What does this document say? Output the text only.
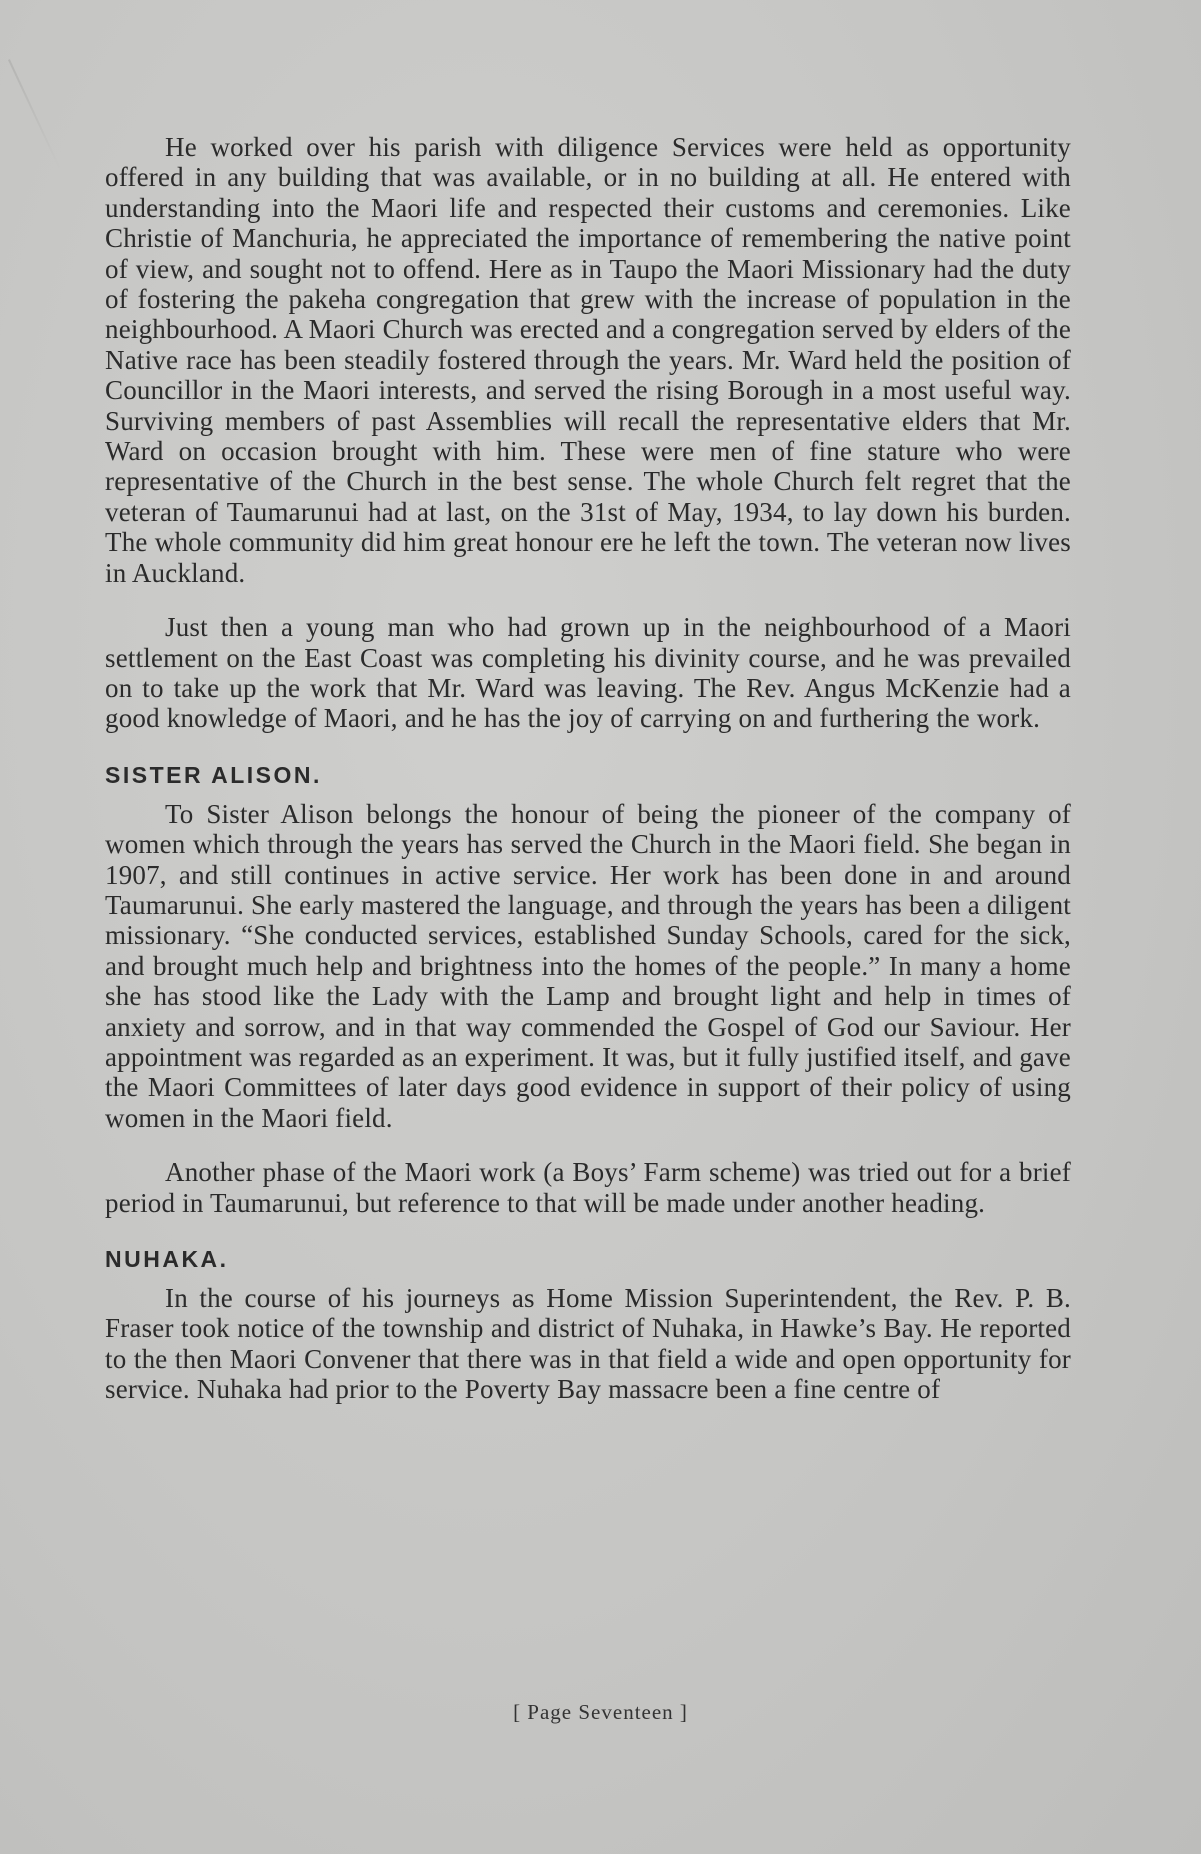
He worked over his parish with diligence Services were held as opportunity offered in any building that was available, or in no building at all. He entered with understanding into the Maori life and respected their customs and ceremonies. Like Christie of Manchuria, he appreciated the importance of remembering the native point of view, and sought not to offend. Here as in Taupo the Maori Missionary had the duty of fostering the pakeha congregation that grew with the increase of population in the neighbourhood. A Maori Church was erected and a congregation served by elders of the Native race has been steadily fostered through the years. Mr. Ward held the position of Councillor in the Maori interests, and served the rising Borough in a most useful way. Surviving members of past Assemblies will recall the representative elders that Mr. Ward on occasion brought with him. These were men of fine stature who were representative of the Church in the best sense. The whole Church felt regret that the veteran of Taumarunui had at last, on the 31st of May, 1934, to lay down his burden. The whole community did him great honour ere he left the town. The veteran now lives in Auckland.

Just then a young man who had grown up in the neighbourhood of a Maori settlement on the East Coast was completing his divinity course, and he was prevailed on to take up the work that Mr. Ward was leaving. The Rev. Angus McKenzie had a good knowledge of Maori, and he has the joy of carrying on and furthering the work.

SISTER ALISON.

To Sister Alison belongs the honour of being the pioneer of the company of women which through the years has served the Church in the Maori field. She began in 1907, and still continues in active service. Her work has been done in and around Taumarunui. She early mastered the language, and through the years has been a diligent missionary. “She conducted services, established Sunday Schools, cared for the sick, and brought much help and brightness into the homes of the people.” In many a home she has stood like the Lady with the Lamp and brought light and help in times of anxiety and sorrow, and in that way commended the Gospel of God our Saviour. Her appointment was regarded as an experiment. It was, but it fully justified itself, and gave the Maori Committees of later days good evidence in support of their policy of using women in the Maori field.

Another phase of the Maori work (a Boys’ Farm scheme) was tried out for a brief period in Taumarunui, but reference to that will be made under another heading.

NUHAKA.

In the course of his journeys as Home Mission Superintendent, the Rev. P. B. Fraser took notice of the township and district of Nuhaka, in Hawke’s Bay. He reported to the then Maori Convener that there was in that field a wide and open opportunity for service. Nuhaka had prior to the Poverty Bay massacre been a fine centre of

[ Page Seventeen ]
